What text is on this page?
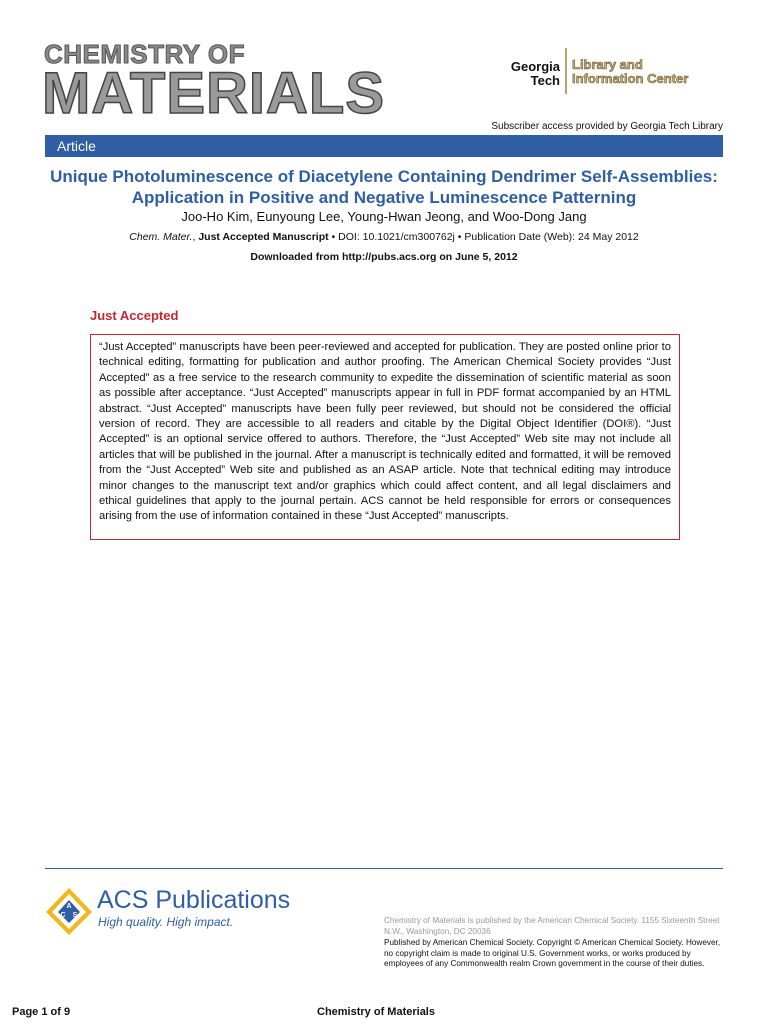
CHEMISTRY OF
MATERIALS	Georgia
Tech
Library and
Information Center
Subscriber access provided by Georgia Tech Library
Article
Unique Photoluminescence of Diacetylene Containing Dendrimer Self-Assemblies: Application in Positive and Negative Luminescence Patterning
Joo-Ho Kim, Eunyoung Lee, Young-Hwan Jeong, and Woo-Dong Jang
Chem. Mater., Just Accepted Manuscript • DOI: 10.1021/cm300762j • Publication Date (Web): 24 May 2012
Downloaded from http://pubs.acs.org on June 5, 2012
Just Accepted

“Just Accepted” manuscripts have been peer-reviewed and accepted for publication. They are posted online prior to technical editing, formatting for publication and author proofing. The American Chemical Society provides “Just Accepted” as a free service to the research community to expedite the dissemination of scientific material as soon as possible after acceptance. “Just Accepted” manuscripts appear in full in PDF format accompanied by an HTML abstract. “Just Accepted” manuscripts have been fully peer reviewed, but should not be considered the official version of record. They are accessible to all readers and citable by the Digital Object Identifier (DOI®). “Just Accepted” is an optional service offered to authors. Therefore, the “Just Accepted” Web site may not include all articles that will be published in the journal. After a manuscript is technically edited and formatted, it will be removed from the “Just Accepted” Web site and published as an ASAP article. Note that technical editing may introduce minor changes to the manuscript text and/or graphics which could affect content, and all legal disclaimers and ethical guidelines that apply to the journal pertain. ACS cannot be held responsible for errors or consequences arising from the use of information contained in these “Just Accepted” manuscripts.

A
C S
ACS Publications
High quality. High impact.	Chemistry of Materials is published by the American Chemical Society. 1155 Sixteenth Street N.W., Washington, DC 20036
Published by American Chemical Society. Copyright © American Chemical Society. However, no copyright claim is made to original U.S. Government works, or works produced by employees of any Commonwealth realm Crown government in the course of their duties.
Page 1 of 9	Chemistry of Materials
